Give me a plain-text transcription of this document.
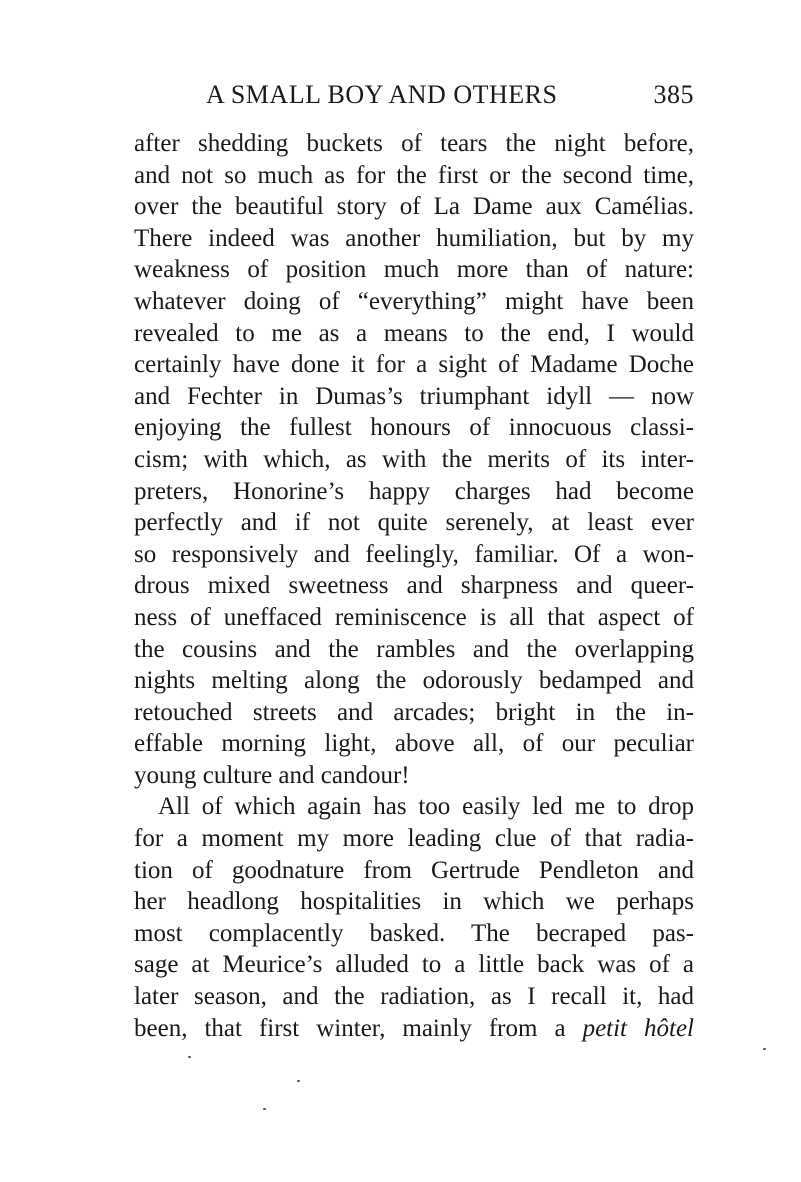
A SMALL BOY AND OTHERS	385
after shedding buckets of tears the night before,
and not so much as for the first or the second time,
over the beautiful story of La Dame aux Camélias.
There indeed was another humiliation, but by my
weakness of position much more than of nature:
whatever doing of “everything” might have been
revealed to me as a means to the end, I would
certainly have done it for a sight of Madame Doche
and Fechter in Dumas’s triumphant idyll — now
enjoying the fullest honours of innocuous classi-
cism; with which, as with the merits of its inter-
preters, Honorine’s happy charges had become
perfectly and if not quite serenely, at least ever
so responsively and feelingly, familiar. Of a won-
drous mixed sweetness and sharpness and queer-
ness of uneffaced reminiscence is all that aspect of
the cousins and the rambles and the overlapping
nights melting along the odorously bedamped and
retouched streets and arcades; bright in the in-
effable morning light, above all, of our peculiar
young culture and candour!
All of which again has too easily led me to drop
for a moment my more leading clue of that radia-
tion of goodnature from Gertrude Pendleton and
her headlong hospitalities in which we perhaps
most complacently basked. The becraped pas-
sage at Meurice’s alluded to a little back was of a
later season, and the radiation, as I recall it, had
been, that first winter, mainly from a petit hôtel
